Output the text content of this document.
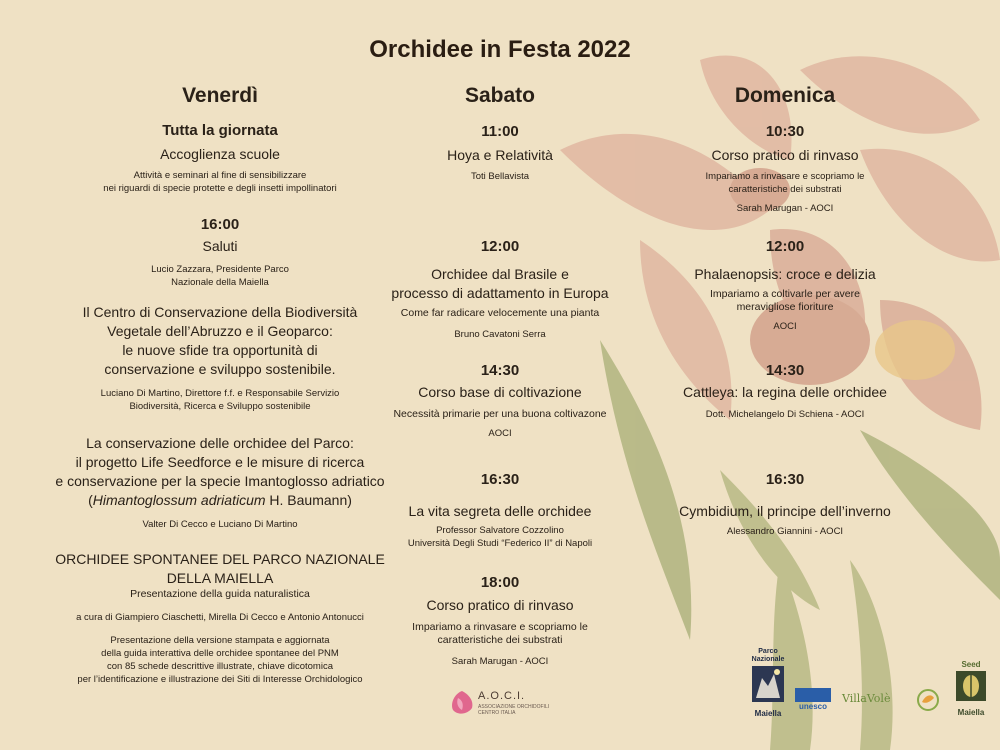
Orchidee in Festa 2022
Venerdì
Tutta la giornata
Accoglienza scuole
Attività e seminari al fine di sensibilizzare
nei riguardi di specie protette e degli insetti impollinatori
16:00
Saluti
Lucio Zazzara, Presidente Parco
Nazionale della Maiella
Il Centro di Conservazione della Biodiversità
Vegetale dell’Abruzzo e il Geoparco:
le nuove sfide tra opportunità di
conservazione e sviluppo sostenibile.
Luciano Di Martino, Direttore f.f. e Responsabile Servizio
Biodiversità, Ricerca e Sviluppo sostenibile
La conservazione delle orchidee del Parco:
il progetto Life Seedforce e le misure di ricerca
e conservazione per la specie Imantoglosso adriatico
(Himantoglossum adriaticum H. Baumann)
Valter Di Cecco e Luciano Di Martino
ORCHIDEE SPONTANEE DEL PARCO NAZIONALE
DELLA MAIELLA
Presentazione della guida naturalistica
a cura di Giampiero Ciaschetti, Mirella Di Cecco e Antonio Antonucci
Presentazione della versione stampata e aggiornata
della guida interattiva delle orchidee spontanee del PNM
con 85 schede descrittive illustrate, chiave dicotomica
per l’identificazione e illustrazione dei Siti di Interesse Orchidologico
Sabato
11:00
Hoya e Relatività
Toti Bellavista
12:00
Orchidee dal Brasile e
processo di adattamento in Europa
Come far radicare velocemente una pianta
Bruno Cavatoni Serra
14:30
Corso base di coltivazione
Necessità primarie per una buona coltivazone
AOCI
16:30
La vita segreta delle orchidee
Professor Salvatore Cozzolino
Università Degli Studi “Federico II” di Napoli
18:00
Corso pratico di rinvaso
Impariamo a rinvasare e scopriamo le
caratteristiche dei substrati
Sarah Marugan - AOCI
Domenica
10:30
Corso pratico di rinvaso
Impariamo a rinvasare e scopriamo le
caratteristiche dei substrati
Sarah Marugan - AOCI
12:00
Phalaenopsis: croce e delizia
Impariamo a coltivarle per avere
meravigliose fioriture
AOCI
14:30
Cattleya: la regina delle orchidee
Dott. Michelangelo Di Schiena - AOCI
16:30
Cymbidium, il principe dell’inverno
Alessandro Giannini - AOCI
A.O.C.I.
ASSOCIAZIONE ORCHIDOFILI CENTRO ITALIA
Parco Nazionale
Maiella
unesco
VillaVolè
Seed
Maiella
